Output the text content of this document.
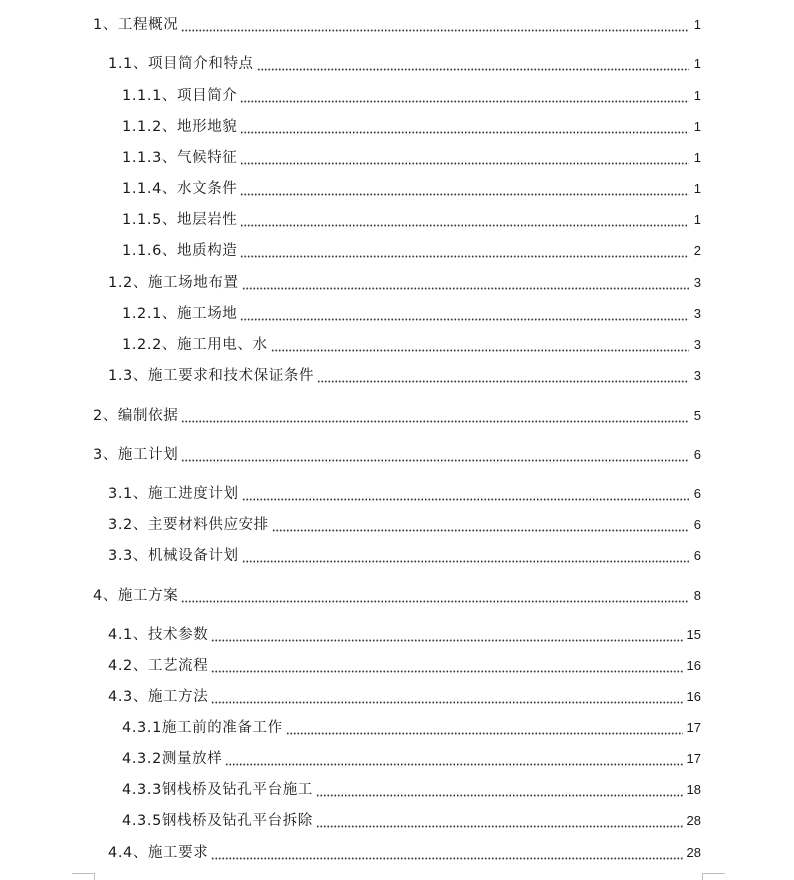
1、工程概况	1
1.1、项目简介和特点	1
1.1.1、项目简介	1
1.1.2、地形地貌	1
1.1.3、气候特征	1
1.1.4、水文条件	1
1.1.5、地层岩性	1
1.1.6、地质构造	2
1.2、施工场地布置	3
1.2.1、施工场地	3
1.2.2、施工用电、水	3
1.3、施工要求和技术保证条件	3
2、编制依据	5
3、施工计划	6
3.1、施工进度计划	6
3.2、主要材料供应安排	6
3.3、机械设备计划	6
4、施工方案	8
4.1、技术参数	15
4.2、工艺流程	16
4.3、施工方法	16
4.3.1施工前的准备工作	17
4.3.2测量放样	17
4.3.3钢栈桥及钻孔平台施工	18
4.3.5钢栈桥及钻孔平台拆除	28
4.4、施工要求	28
